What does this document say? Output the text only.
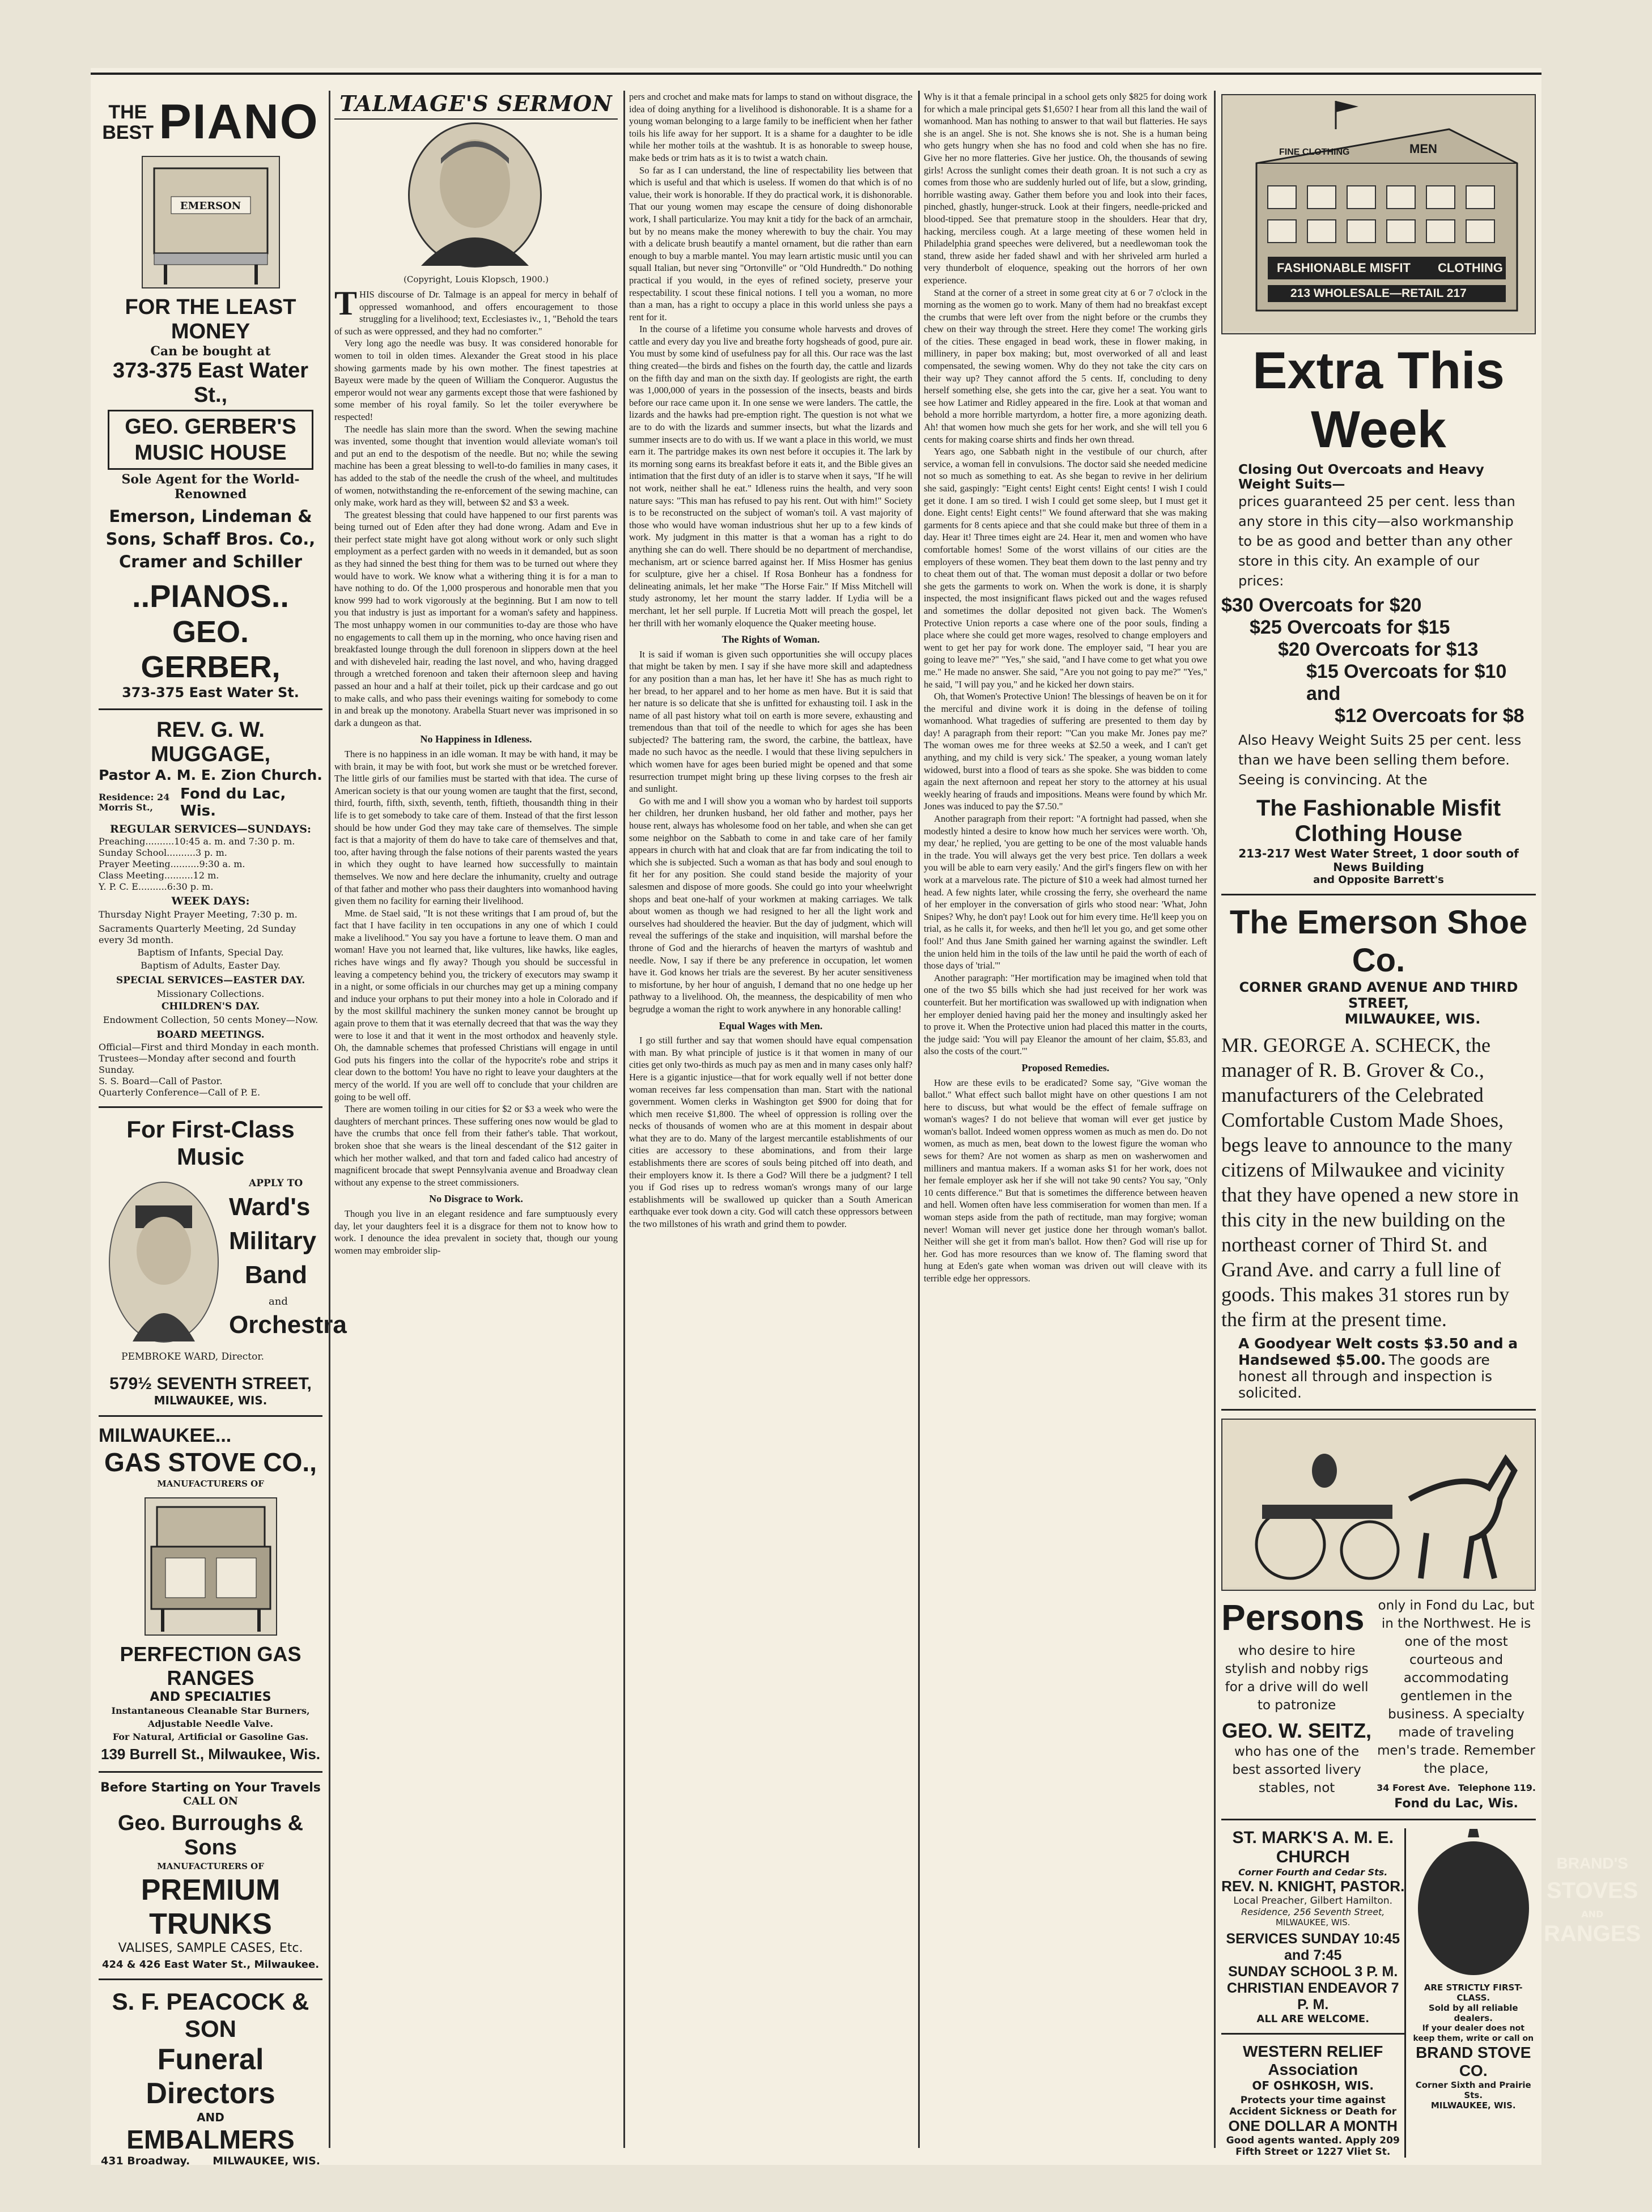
THE BEST PIANO
EMERSON
FOR THE LEAST MONEY
Can be bought at
373-375 East Water St.,
GEO. GERBER'S MUSIC HOUSE
Sole Agent for the World-Renowned
Emerson, Lindeman & Sons, Schaff Bros. Co., Cramer and Schiller
..PIANOS..
GEO. GERBER,
373-375 East Water St.
REV. G. W. MUGGAGE,
Pastor A. M. E. Zion Church.
Residence: 24 Morris St.,
Fond du Lac, Wis.
REGULAR SERVICES—SUNDAYS:
Preaching..........10:45 a. m. and 7:30 p. m.
Sunday School..........3 p. m.
Prayer Meeting..........9:30 a. m.
Class Meeting..........12 m.
Y. P. C. E..........6:30 p. m.
WEEK DAYS:
Thursday Night Prayer Meeting, 7:30 p. m.
Sacraments Quarterly Meeting, 2d Sunday every 3d month.
Baptism of Infants, Special Day.
Baptism of Adults, Easter Day.
SPECIAL SERVICES—EASTER DAY.
Missionary Collections.
CHILDREN'S DAY.
Endowment Collection, 50 cents Money—Now.
BOARD MEETINGS.
Official—First and third Monday in each month.
Trustees—Monday after second and fourth Sunday.
S. S. Board—Call of Pastor.
Quarterly Conference—Call of P. E.
For First-Class Music
APPLY TO
Ward's
Military
Band
and
Orchestra
PEMBROKE WARD, Director.
579½ SEVENTH STREET,
MILWAUKEE, WIS.
MILWAUKEE...
GAS STOVE CO.,
MANUFACTURERS OF
PERFECTION GAS RANGES
AND SPECIALTIES
Instantaneous Cleanable Star Burners,
Adjustable Needle Valve.
For Natural, Artificial or Gasoline Gas.
139 Burrell St., Milwaukee, Wis.
Before Starting on Your Travels
CALL ON
Geo. Burroughs & Sons
MANUFACTURERS OF
PREMIUM TRUNKS
VALISES, SAMPLE CASES, Etc.
424 & 426 East Water St., Milwaukee.
S. F. PEACOCK & SON
Funeral Directors
AND
EMBALMERS
431 Broadway. MILWAUKEE, WIS.
TALMAGE'S SERMON
(Copyright, Louis Klopsch, 1900.)

THIS discourse of Dr. Talmage is an appeal for mercy in behalf of oppressed womanhood, and offers encouragement to those struggling for a livelihood; text, Ecclesiastes iv., 1, "Behold the tears of such as were oppressed, and they had no comforter."

Very long ago the needle was busy. It was considered honorable for women to toil in olden times. Alexander the Great stood in his place showing garments made by his own mother. The finest tapestries at Bayeux were made by the queen of William the Conqueror. Augustus the emperor would not wear any garments except those that were fashioned by some member of his royal family. So let the toiler everywhere be respected!

The needle has slain more than the sword. When the sewing machine was invented, some thought that invention would alleviate woman's toil and put an end to the despotism of the needle. But no; while the sewing machine has been a great blessing to well-to-do families in many cases, it has added to the stab of the needle the crush of the wheel, and multitudes of women, notwithstanding the re-enforcement of the sewing machine, can only make, work hard as they will, between $2 and $3 a week.

The greatest blessing that could have happened to our first parents was being turned out of Eden after they had done wrong. Adam and Eve in their perfect state might have got along without work or only such slight employment as a perfect garden with no weeds in it demanded, but as soon as they had sinned the best thing for them was to be turned out where they would have to work. We know what a withering thing it is for a man to have nothing to do. Of the 1,000 prosperous and honorable men that you know 999 had to work vigorously at the beginning. But I am now to tell you that industry is just as important for a woman's safety and happiness. The most unhappy women in our communities to-day are those who have no engagements to call them up in the morning, who once having risen and breakfasted lounge through the dull forenoon in slippers down at the heel and with disheveled hair, reading the last novel, and who, having dragged through a wretched forenoon and taken their afternoon sleep and having passed an hour and a half at their toilet, pick up their cardcase and go out to make calls, and who pass their evenings waiting for somebody to come in and break up the monotony. Arabella Stuart never was imprisoned in so dark a dungeon as that.

No Happiness in Idleness.

There is no happiness in an idle woman. It may be with hand, it may be with brain, it may be with foot, but work she must or be wretched forever. The little girls of our families must be started with that idea. The curse of American society is that our young women are taught that the first, second, third, fourth, fifth, sixth, seventh, tenth, fiftieth, thousandth thing in their life is to get somebody to take care of them. Instead of that the first lesson should be how under God they may take care of themselves. The simple fact is that a majority of them do have to take care of themselves and that, too, after having through the false notions of their parents wasted the years in which they ought to have learned how successfully to maintain themselves. We now and here declare the inhumanity, cruelty and outrage of that father and mother who pass their daughters into womanhood having given them no facility for earning their livelihood.

Mme. de Stael said, "It is not these writings that I am proud of, but the fact that I have facility in ten occupations in any one of which I could make a livelihood." You say you have a fortune to leave them. O man and woman! Have you not learned that, like vultures, like hawks, like eagles, riches have wings and fly away? Though you should be successful in leaving a competency behind you, the trickery of executors may swamp it in a night, or some officials in our churches may get up a mining company and induce your orphans to put their money into a hole in Colorado and if by the most skillful machinery the sunken money cannot be brought up again prove to them that it was eternally decreed that that was the way they were to lose it and that it went in the most orthodox and heavenly style. Oh, the damnable schemes that professed Christians will engage in until God puts his fingers into the collar of the hypocrite's robe and strips it clear down to the bottom! You have no right to leave your daughters at the mercy of the world. If you are well off to conclude that your children are going to be well off.

There are women toiling in our cities for $2 or $3 a week who were the daughters of merchant princes. These suffering ones now would be glad to have the crumbs that once fell from their father's table. That workout, broken shoe that she wears is the lineal descendant of the $12 gaiter in which her mother walked, and that torn and faded calico had ancestry of magnificent brocade that swept Pennsylvania avenue and Broadway clean without any expense to the street commissioners.

No Disgrace to Work.

Though you live in an elegant residence and fare sumptuously every day, let your daughters feel it is a disgrace for them not to know how to work. I denounce the idea prevalent in society that, though our young women may embroider slip-

pers and crochet and make mats for lamps to stand on without disgrace, the idea of doing anything for a livelihood is dishonorable. It is a shame for a young woman belonging to a large family to be inefficient when her father toils his life away for her support. It is a shame for a daughter to be idle while her mother toils at the washtub. It is as honorable to sweep house, make beds or trim hats as it is to twist a watch chain.

So far as I can understand, the line of respectability lies between that which is useful and that which is useless. If women do that which is of no value, their work is honorable. If they do practical work, it is dishonorable. That our young women may escape the censure of doing dishonorable work, I shall particularize. You may knit a tidy for the back of an armchair, but by no means make the money wherewith to buy the chair. You may with a delicate brush beautify a mantel ornament, but die rather than earn enough to buy a marble mantel. You may learn artistic music until you can squall Italian, but never sing "Ortonville" or "Old Hundredth." Do nothing practical if you would, in the eyes of refined society, preserve your respectability. I scout these finical notions. I tell you a woman, no more than a man, has a right to occupy a place in this world unless she pays a rent for it.

In the course of a lifetime you consume whole harvests and droves of cattle and every day you live and breathe forty hogsheads of good, pure air. You must by some kind of usefulness pay for all this. Our race was the last thing created—the birds and fishes on the fourth day, the cattle and lizards on the fifth day and man on the sixth day. If geologists are right, the earth was 1,000,000 of years in the possession of the insects, beasts and birds before our race came upon it. In one sense we were landers. The cattle, the lizards and the hawks had pre-emption right. The question is not what we are to do with the lizards and summer insects, but what the lizards and summer insects are to do with us. If we want a place in this world, we must earn it. The partridge makes its own nest before it occupies it. The lark by its morning song earns its breakfast before it eats it, and the Bible gives an intimation that the first duty of an idler is to starve when it says, "If he will not work, neither shall he eat." Idleness ruins the health, and very soon nature says: "This man has refused to pay his rent. Out with him!" Society is to be reconstructed on the subject of woman's toil. A vast majority of those who would have woman industrious shut her up to a few kinds of work. My judgment in this matter is that a woman has a right to do anything she can do well. There should be no department of merchandise, mechanism, art or science barred against her. If Miss Hosmer has genius for sculpture, give her a chisel. If Rosa Bonheur has a fondness for delineating animals, let her make "The Horse Fair." If Miss Mitchell will study astronomy, let her mount the starry ladder. If Lydia will be a merchant, let her sell purple. If Lucretia Mott will preach the gospel, let her thrill with her womanly eloquence the Quaker meeting house.

The Rights of Woman.

It is said if woman is given such opportunities she will occupy places that might be taken by men. I say if she have more skill and adaptedness for any position than a man has, let her have it! She has as much right to her bread, to her apparel and to her home as men have. But it is said that her nature is so delicate that she is unfitted for exhausting toil. I ask in the name of all past history what toil on earth is more severe, exhausting and tremendous than that toil of the needle to which for ages she has been subjected? The battering ram, the sword, the carbine, the battleax, have made no such havoc as the needle. I would that these living sepulchers in which women have for ages been buried might be opened and that some resurrection trumpet might bring up these living corpses to the fresh air and sunlight.

Go with me and I will show you a woman who by hardest toil supports her children, her drunken husband, her old father and mother, pays her house rent, always has wholesome food on her table, and when she can get some neighbor on the Sabbath to come in and take care of her family appears in church with hat and cloak that are far from indicating the toil to which she is subjected. Such a woman as that has body and soul enough to fit her for any position. She could stand beside the majority of your salesmen and dispose of more goods. She could go into your wheelwright shops and beat one-half of your workmen at making carriages. We talk about women as though we had resigned to her all the light work and ourselves had shouldered the heavier. But the day of judgment, which will reveal the sufferings of the stake and inquisition, will marshal before the throne of God and the hierarchs of heaven the martyrs of washtub and needle. Now, I say if there be any preference in occupation, let women have it. God knows her trials are the severest. By her acuter sensitiveness to misfortune, by her hour of anguish, I demand that no one hedge up her pathway to a livelihood. Oh, the meanness, the despicability of men who begrudge a woman the right to work anywhere in any honorable calling!

Equal Wages with Men.

I go still further and say that women should have equal compensation with man. By what principle of justice is it that women in many of our cities get only two-thirds as much pay as men and in many cases only half? Here is a gigantic injustice—that for work equally well if not better done woman receives far less compensation than man. Start with the national government. Women clerks in Washington get $900 for doing that for which men receive $1,800. The wheel of oppression is rolling over the necks of thousands of women who are at this moment in despair about what they are to do. Many of the largest mercantile establishments of our cities are accessory to these abominations, and from their large establishments there are scores of souls being pitched off into death, and their employers know it. Is there a God? Will there be a judgment? I tell you if God rises up to redress woman's wrongs many of our large establishments will be swallowed up quicker than a South American earthquake ever took down a city. God will catch these oppressors between the two millstones of his wrath and grind them to powder.

Why is it that a female principal in a school gets only $825 for doing work for which a male principal gets $1,650? I hear from all this land the wail of womanhood. Man has nothing to answer to that wail but flatteries. He says she is an angel. She is not. She knows she is not. She is a human being who gets hungry when she has no food and cold when she has no fire. Give her no more flatteries. Give her justice. Oh, the thousands of sewing girls! Across the sunlight comes their death groan. It is not such a cry as comes from those who are suddenly hurled out of life, but a slow, grinding, horrible wasting away. Gather them before you and look into their faces, pinched, ghastly, hunger-struck. Look at their fingers, needle-pricked and blood-tipped. See that premature stoop in the shoulders. Hear that dry, hacking, merciless cough. At a large meeting of these women held in Philadelphia grand speeches were delivered, but a needlewoman took the stand, threw aside her faded shawl and with her shriveled arm hurled a very thunderbolt of eloquence, speaking out the horrors of her own experience.

Stand at the corner of a street in some great city at 6 or 7 o'clock in the morning as the women go to work. Many of them had no breakfast except the crumbs that were left over from the night before or the crumbs they chew on their way through the street. Here they come! The working girls of the cities. These engaged in bead work, these in flower making, in millinery, in paper box making; but, most overworked of all and least compensated, the sewing women. Why do they not take the city cars on their way up? They cannot afford the 5 cents. If, concluding to deny herself something else, she gets into the car, give her a seat. You want to see how Latimer and Ridley appeared in the fire. Look at that woman and behold a more horrible martyrdom, a hotter fire, a more agonizing death. Ah! that women how much she gets for her work, and she will tell you 6 cents for making coarse shirts and finds her own thread.

Years ago, one Sabbath night in the vestibule of our church, after service, a woman fell in convulsions. The doctor said she needed medicine not so much as something to eat. As she began to revive in her delirium she said, gaspingly: "Eight cents! Eight cents! Eight cents! I wish I could get it done. I am so tired. I wish I could get some sleep, but I must get it done. Eight cents! Eight cents!" We found afterward that she was making garments for 8 cents apiece and that she could make but three of them in a day. Hear it! Three times eight are 24. Hear it, men and women who have comfortable homes! Some of the worst villains of our cities are the employers of these women. They beat them down to the last penny and try to cheat them out of that. The woman must deposit a dollar or two before she gets the garments to work on. When the work is done, it is sharply inspected, the most insignificant flaws picked out and the wages refused and sometimes the dollar deposited not given back. The Women's Protective Union reports a case where one of the poor souls, finding a place where she could get more wages, resolved to change employers and went to get her pay for work done. The employer said, "I hear you are going to leave me?" "Yes," she said, "and I have come to get what you owe me." He made no answer. She said, "Are you not going to pay me?" "Yes," he said, "I will pay you," and he kicked her down stairs.

Oh, that Women's Protective Union! The blessings of heaven be on it for the merciful and divine work it is doing in the defense of toiling womanhood. What tragedies of suffering are presented to them day by day! A paragraph from their report: "'Can you make Mr. Jones pay me?' The woman owes me for three weeks at $2.50 a week, and I can't get anything, and my child is very sick.' The speaker, a young woman lately widowed, burst into a flood of tears as she spoke. She was bidden to come again the next afternoon and repeat her story to the attorney at his usual weekly hearing of frauds and impositions. Means were found by which Mr. Jones was induced to pay the $7.50."

Another paragraph from their report: "A fortnight had passed, when she modestly hinted a desire to know how much her services were worth. 'Oh, my dear,' he replied, 'you are getting to be one of the most valuable hands in the trade. You will always get the very best price. Ten dollars a week you will be able to earn very easily.' And the girl's fingers flew on with her work at a marvelous rate. The picture of $10 a week had almost turned her head. A few nights later, while crossing the ferry, she overheard the name of her employer in the conversation of girls who stood near: 'What, John Snipes? Why, he don't pay! Look out for him every time. He'll keep you on trial, as he calls it, for weeks, and then he'll let you go, and get some other fool!' And thus Jane Smith gained her warning against the swindler. Left the union held him in the toils of the law until he paid the worth of each of those days of 'trial.'"

Another paragraph: "Her mortification may be imagined when told that one of the two $5 bills which she had just received for her work was counterfeit. But her mortification was swallowed up with indignation when her employer denied having paid her the money and insultingly asked her to prove it. When the Protective union had placed this matter in the courts, the judge said: 'You will pay Eleanor the amount of her claim, $5.83, and also the costs of the court.'"

Proposed Remedies.

How are these evils to be eradicated? Some say, "Give woman the ballot." What effect such ballot might have on other questions I am not here to discuss, but what would be the effect of female suffrage on woman's wages? I do not believe that woman will ever get justice by woman's ballot. Indeed women oppress women as much as men do. Do not women, as much as men, beat down to the lowest figure the woman who sews for them? Are not women as sharp as men on washerwomen and milliners and mantua makers. If a woman asks $1 for her work, does not her female employer ask her if she will not take 90 cents? You say, "Only 10 cents difference." But that is sometimes the difference between heaven and hell. Women often have less commiseration for women than men. If a woman steps aside from the path of rectitude, man may forgive; woman never! Woman will never get justice done her through woman's ballot. Neither will she get it from man's ballot. How then? God will rise up for her. God has more resources than we know of. The flaming sword that hung at Eden's gate when woman was driven out will cleave with its terrible edge her oppressors.

FINE CLOTHING	MEN
FASHIONABLE MISFIT CLOTHING
213 WHOLESALE—RETAIL 217
Extra This Week
Closing Out Overcoats and Heavy Weight Suits—
prices guaranteed 25 per cent. less than any store in this city—also workmanship to be as good and better than any other store in this city. An example of our prices:
$30 Overcoats for $20
$25 Overcoats for $15
$20 Overcoats for $13
$15 Overcoats for $10 and
$12 Overcoats for $8
Also Heavy Weight Suits 25 per cent. less than we have been selling them before. Seeing is convincing. At the
The Fashionable Misfit Clothing House
213-217 West Water Street, 1 door south of News Building
and Opposite Barrett's
The Emerson Shoe Co.
CORNER GRAND AVENUE AND THIRD STREET,
MILWAUKEE, WIS.
MR. GEORGE A. SCHECK, the manager of R. B. Grover & Co., manufacturers of the Celebrated Comfortable Custom Made Shoes, begs leave to announce to the many citizens of Milwaukee and vicinity that they have opened a new store in this city in the new building on the northeast corner of Third St. and Grand Ave. and carry a full line of goods. This makes 31 stores run by the firm at the present time.
A Goodyear Welt costs $3.50 and a Handsewed $5.00. The goods are honest all through and inspection is solicited.
Persons
who desire to hire stylish and nobby rigs for a drive will do well to patronize
GEO. W. SEITZ,
who has one of the best assorted livery stables, not
only in Fond du Lac, but in the Northwest. He is one of the most courteous and accommodating gentlemen in the business. A specialty made of traveling men's trade. Remember the place,
34 Forest Ave. Telephone 119.
Fond du Lac, Wis.
ST. MARK'S A. M. E. CHURCH
Corner Fourth and Cedar Sts.
REV. N. KNIGHT, PASTOR.
Local Preacher, Gilbert Hamilton.
Residence, 256 Seventh Street,
MILWAUKEE, WIS.
SERVICES SUNDAY 10:45 and 7:45
SUNDAY SCHOOL 3 P. M.
CHRISTIAN ENDEAVOR 7 P. M.
ALL ARE WELCOME.
WESTERN RELIEF Association
OF OSHKOSH, WIS.
Protects your time against Accident Sickness or Death for
ONE DOLLAR A MONTH
Good agents wanted. Apply 209 Fifth Street or 1227 Vliet St.
BRAND'S
STOVES
AND
RANGES
ARE STRICTLY FIRST-CLASS.
Sold by all reliable dealers.
If your dealer does not keep them, write or call on
BRAND STOVE CO.
Corner Sixth and Prairie Sts.
MILWAUKEE, WIS.
